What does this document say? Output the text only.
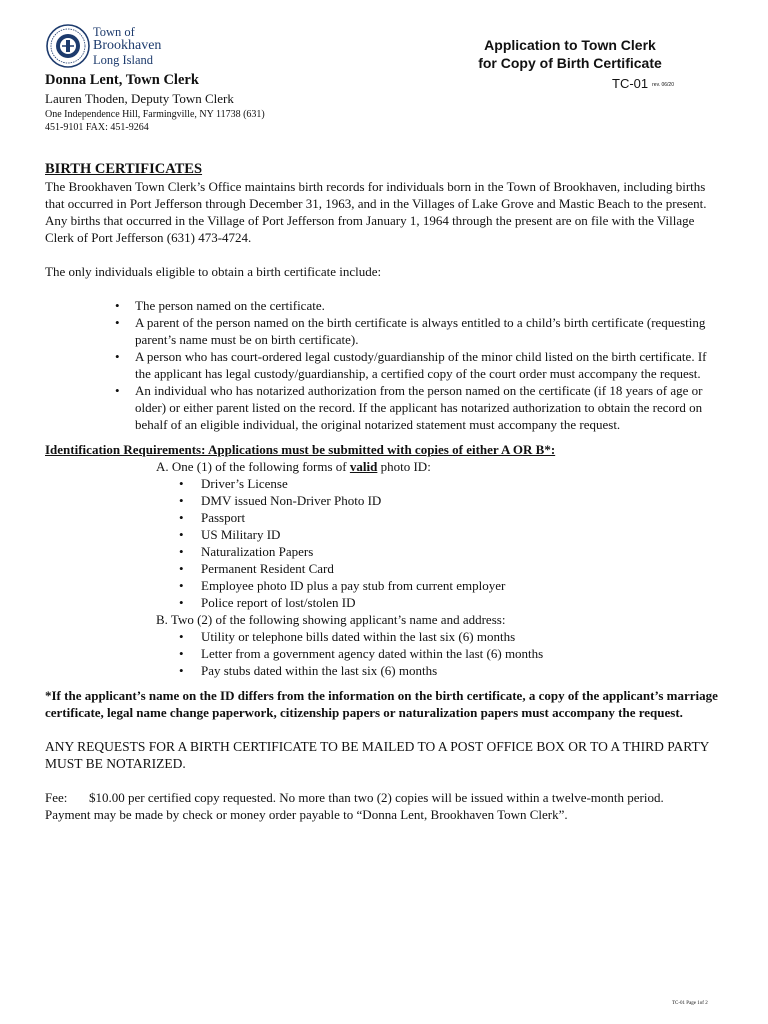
Town of
Brookhaven
Long Island
Application to Town Clerk
for Copy of Birth Certificate
TC-01 rev. 06/20
Donna Lent, Town Clerk
Lauren Thoden, Deputy Town Clerk
One Independence Hill, Farmingville, NY 11738 (631)
451-9101 FAX: 451-9264

BIRTH CERTIFICATES

The Brookhaven Town Clerk’s Office maintains birth records for individuals born in the Town of Brookhaven, including births that occurred in Port Jefferson through December 31, 1963, and in the Villages of Lake Grove and Mastic Beach to the present. Any births that occurred in the Village of Port Jefferson from January 1, 1964 through the present are on file with the Village Clerk of Port Jefferson (631) 473-4724.

The only individuals eligible to obtain a birth certificate include:

• The person named on the certificate.
• A parent of the person named on the birth certificate is always entitled to a child’s birth certificate (requesting parent’s name must be on birth certificate).
• A person who has court-ordered legal custody/guardianship of the minor child listed on the birth certificate. If the applicant has legal custody/guardianship, a certified copy of the court order must accompany the request.
• An individual who has notarized authorization from the person named on the certificate (if 18 years of age or older) or either parent listed on the record. If the applicant has notarized authorization to obtain the record on behalf of an eligible individual, the original notarized statement must accompany the request.

Identification Requirements: Applications must be submitted with copies of either A OR B*:

A. One (1) of the following forms of valid photo ID:
• Driver’s License
• DMV issued Non-Driver Photo ID
• Passport
• US Military ID
• Naturalization Papers
• Permanent Resident Card
• Employee photo ID plus a pay stub from current employer
• Police report of lost/stolen ID
B. Two (2) of the following showing applicant’s name and address:
• Utility or telephone bills dated within the last six (6) months
• Letter from a government agency dated within the last (6) months
• Pay stubs dated within the last six (6) months

*If the applicant’s name on the ID differs from the information on the birth certificate, a copy of the applicant’s marriage certificate, legal name change paperwork, citizenship papers or naturalization papers must accompany the request.

ANY REQUESTS FOR A BIRTH CERTIFICATE TO BE MAILED TO A POST OFFICE BOX OR TO A THIRD PARTY MUST BE NOTARIZED.

Fee: $10.00 per certified copy requested. No more than two (2) copies will be issued within a twelve-month period.
Payment may be made by check or money order payable to “Donna Lent, Brookhaven Town Clerk”.

TC-01 Page 1of 2
